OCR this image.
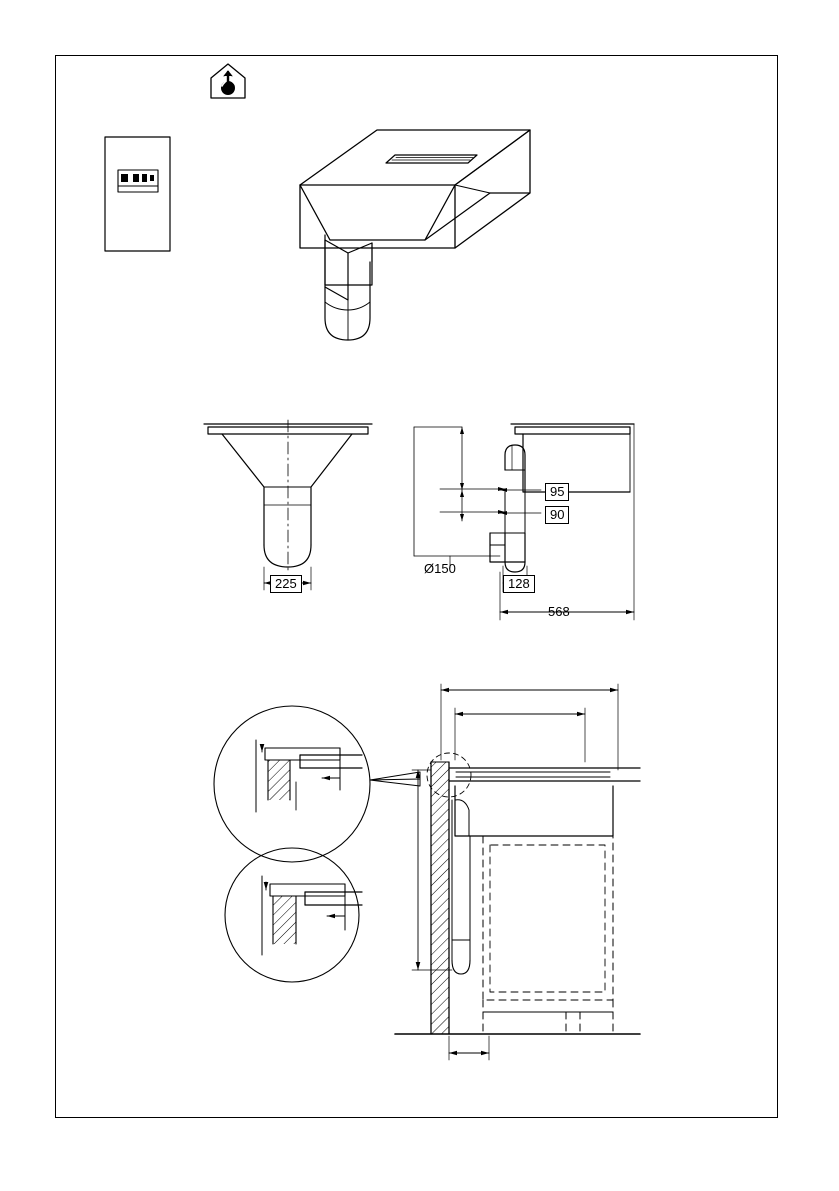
225
Ø150
95
90
128
568
